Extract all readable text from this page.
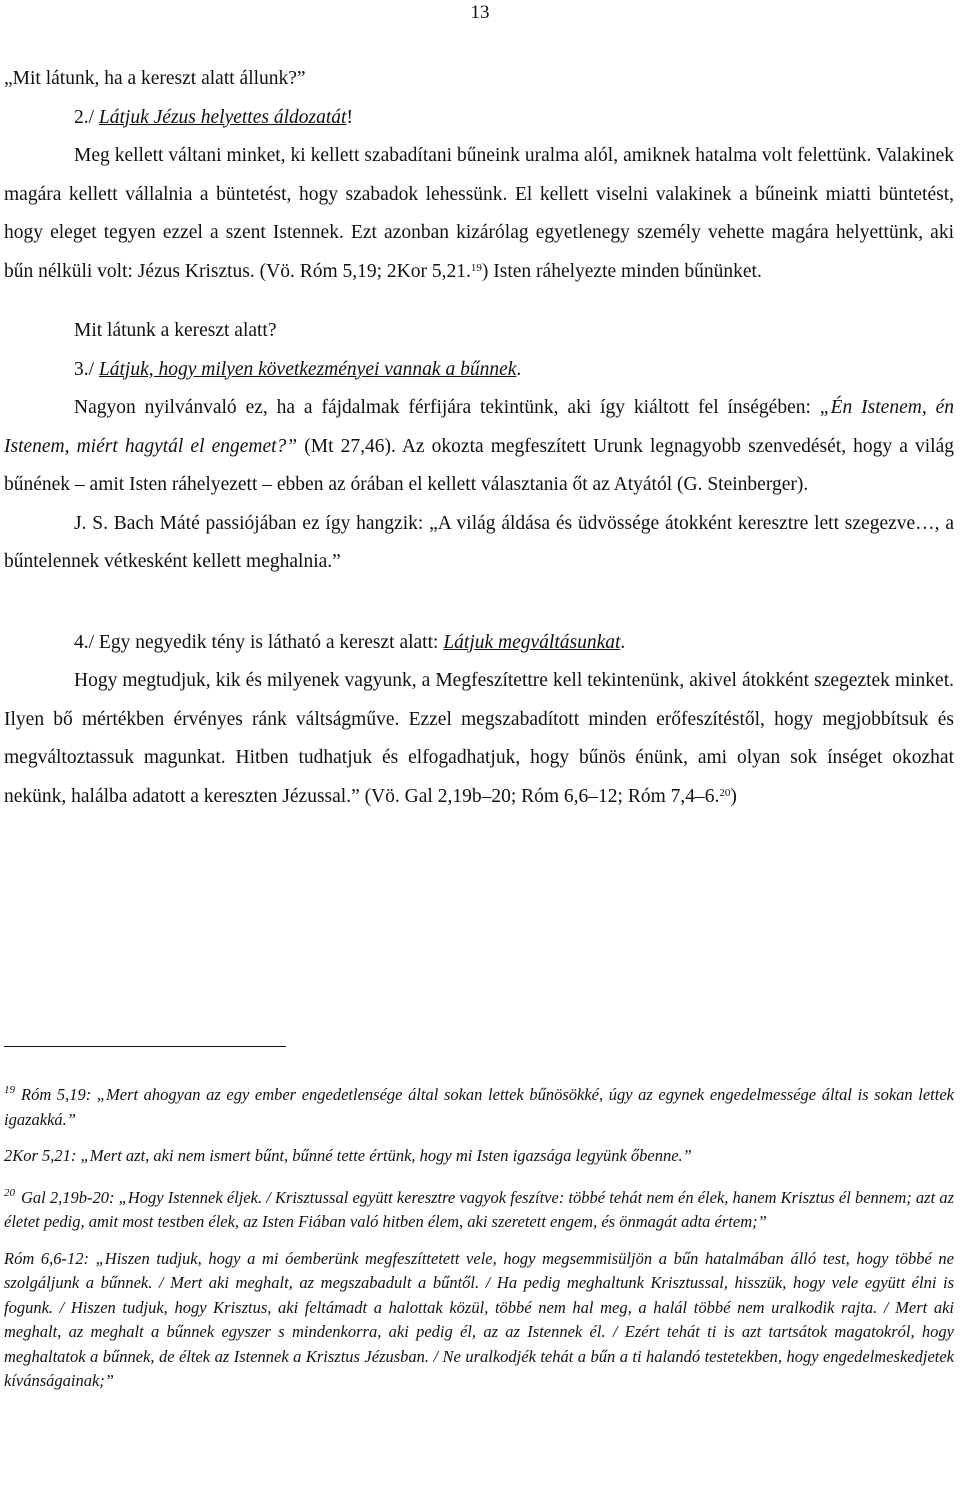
13

„Mit látunk, ha a kereszt alatt állunk?”

2./ Látjuk Jézus helyettes áldozatát!

Meg kellett váltani minket, ki kellett szabadítani bűneink uralma alól, amiknek hatalma volt felettünk. Valakinek magára kellett vállalnia a büntetést, hogy szabadok lehessünk. El kellett viselni valakinek a bűneink miatti büntetést, hogy eleget tegyen ezzel a szent Istennek. Ezt azonban kizárólag egyetlenegy személy vehette magára helyettünk, aki bűn nélküli volt: Jézus Krisztus. (Vö. Róm 5,19; 2Kor 5,21.19) Isten ráhelyezte minden bűnünket.

Mit látunk a kereszt alatt?

3./ Látjuk, hogy milyen következményei vannak a bűnnek.

Nagyon nyilvánvaló ez, ha a fájdalmak férfijára tekintünk, aki így kiáltott fel ínségében: „Én Istenem, én Istenem, miért hagytál el engemet?” (Mt 27,46). Az okozta megfeszített Urunk legnagyobb szenvedését, hogy a világ bűnének – amit Isten ráhelyezett – ebben az órában el kellett választania őt az Atyától (G. Steinberger).

J. S. Bach Máté passiójában ez így hangzik: „A világ áldása és üdvössége átokként keresztre lett szegezve…, a bűntelennek vétkesként kellett meghalnia.”

4./ Egy negyedik tény is látható a kereszt alatt: Látjuk megváltásunkat.

Hogy megtudjuk, kik és milyenek vagyunk, a Megfeszítettre kell tekintenünk, akivel átokként szegeztek minket. Ilyen bő mértékben érvényes ránk váltságműve. Ezzel megszabadított minden erőfeszítéstől, hogy megjobbítsuk és megváltoztassuk magunkat. Hitben tudhatjuk és elfogadhatjuk, hogy bűnös énünk, ami olyan sok ínséget okozhat nekünk, halálba adatott a kereszten Jézussal.” (Vö. Gal 2,19b–20; Róm 6,6–12; Róm 7,4–6.20)

$^{19}$ Róm 5,19: „Mert ahogyan az egy ember engedetlensége által sokan lettek bűnösökké, úgy az egynek engedelmessége által is sokan lettek igazakká.”

2Kor 5,21: „Mert azt, aki nem ismert bűnt, bűnné tette értünk, hogy mi Isten igazsága legyünk őbenne.”

$^{20}$ Gal 2,19b-20: „Hogy Istennek éljek. / Krisztussal együtt keresztre vagyok feszítve: többé tehát nem én élek, hanem Krisztus él bennem; azt az életet pedig, amit most testben élek, az Isten Fiában való hitben élem, aki szeretett engem, és önmagát adta értem;”

Róm 6,6-12: „Hiszen tudjuk, hogy a mi óemberünk megfeszíttetett vele, hogy megsemmisüljön a bűn hatalmában álló test, hogy többé ne szolgáljunk a bűnnek. / Mert aki meghalt, az megszabadult a bűntől. / Ha pedig meghaltunk Krisztussal, hisszük, hogy vele együtt élni is fogunk. / Hiszen tudjuk, hogy Krisztus, aki feltámadt a halottak közül, többé nem hal meg, a halál többé nem uralkodik rajta. / Mert aki meghalt, az meghalt a bűnnek egyszer s mindenkorra, aki pedig él, az az Istennek él. / Ezért tehát ti is azt tartsátok magatokról, hogy meghaltatok a bűnnek, de éltek az Istennek a Krisztus Jézusban. / Ne uralkodjék tehát a bűn a ti halandó testetekben, hogy engedelmeskedjetek kívánságainak;”
